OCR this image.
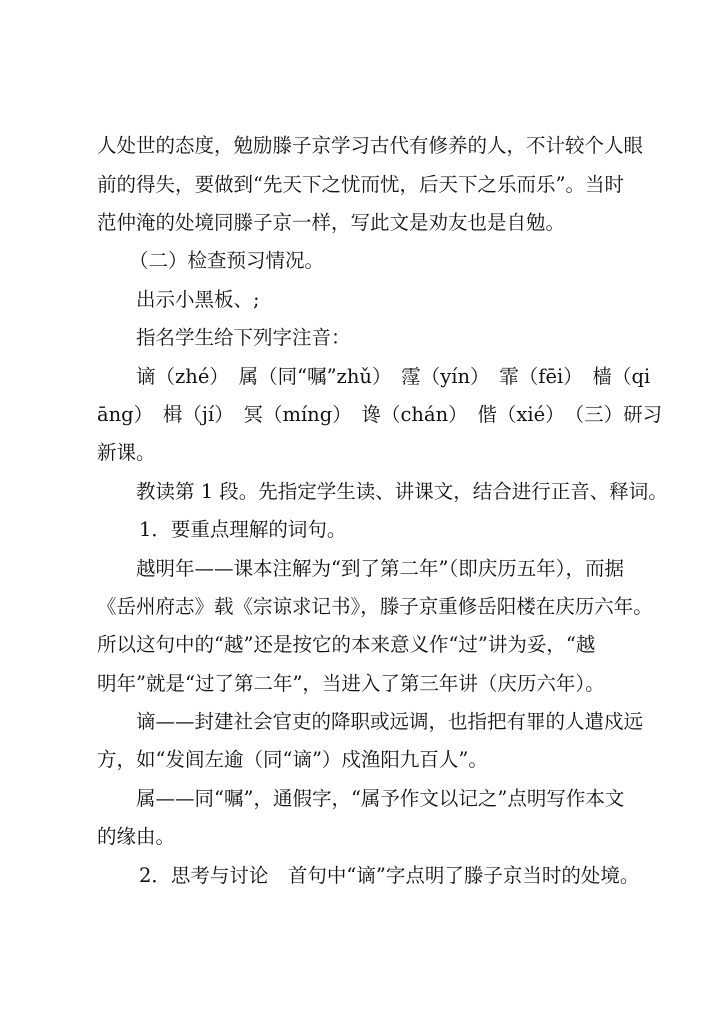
人处世的态度，勉励滕子京学习古代有修养的人，不计较个人眼
前的得失，要做到“先天下之忧而忧，后天下之乐而乐”。当时
范仲淹的处境同滕子京一样，写此文是劝友也是自勉。
（二）检查预习情况。
出示小黑板、;
指名学生给下列字注音：
谪（zhé）　属（同“嘱”zhǔ）　霪（yín）　霏（fēi）　樯（qi
āng）　楫（jí）　冥（míng）　谗（chán）　偕（xié）　（三）研习
新课。
教读第 1 段。先指定学生读、讲课文，结合进行正音、释词。
1．要重点理解的词句。
越明年——课本注解为“到了第二年”（即庆历五年），而据
《岳州府志》载《宗谅求记书》，滕子京重修岳阳楼在庆历六年。
所以这句中的“越”还是按它的本来意义作“过”讲为妥，“越
明年”就是“过了第二年”，当进入了第三年讲（庆历六年）。
谪——封建社会官吏的降职或远调，也指把有罪的人遣戍远
方，如“发闾左逾（同“谪”）戍渔阳九百人”。
属——同“嘱”，通假字，“属予作文以记之”点明写作本文
的缘由。
2．思考与讨论　首句中“谪”字点明了滕子京当时的处境。
